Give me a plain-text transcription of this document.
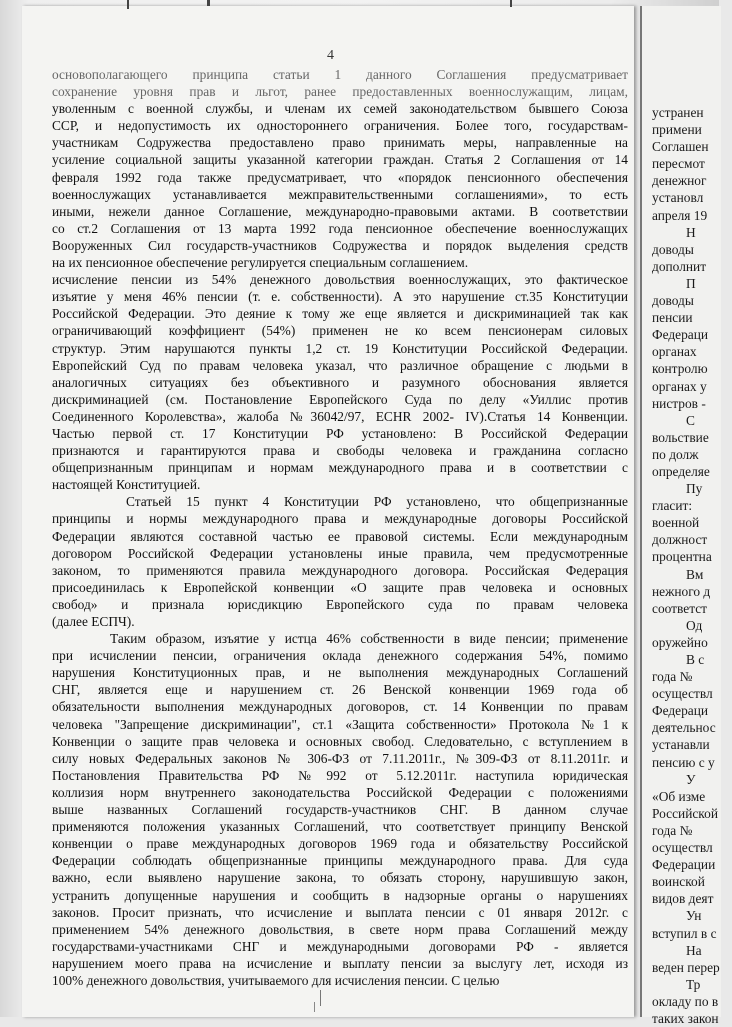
4
основополагающего принципа статьи 1 данного Соглашения предусматривает
сохранение уровня прав и льгот, ранее предоставленных военнослужащим, лицам,
уволенным с военной службы, и членам их семей законодательством бывшего Союза
ССР, и недопустимость их одностороннего ограничения. Более того, государствам-
участникам Содружества предоставлено право принимать меры, направленные на
усиление социальной защиты указанной категории граждан. Статья 2 Соглашения от 14
февраля 1992 года также предусматривает, что «порядок пенсионного обеспечения
военнослужащих устанавливается межправительственными соглашениями», то есть
иными, нежели данное Соглашение, международно-правовыми актами. В соответствии
со ст.2 Соглашения от 13 марта 1992 года пенсионное обеспечение военнослужащих
Вооруженных Сил государств-участников Содружества и порядок выделения средств
на их пенсионное обеспечение регулируется специальным соглашением.
исчисление пенсии из 54% денежного довольствия военнослужащих, это фактическое
изъятие у меня 46% пенсии (т. е. собственности). А это нарушение ст.35 Конституции
Российской Федерации. Это деяние к тому же еще является и дискриминацией так как
ограничивающий коэффициент (54%) применен не ко всем пенсионерам силовых
структур. Этим нарушаются пункты 1,2 ст. 19 Конституции Российской Федерации.
Европейский Суд по правам человека указал, что различное обращение с людьми в
аналогичных ситуациях без объективного и разумного обоснования является
дискриминацией (см. Постановление Европейского Суда по делу «Уиллис против
Соединенного Королевства», жалоба №36042/97, ECHR 2002- IV).Статья 14 Конвенции.
Частью первой ст. 17 Конституции РФ установлено: В Российской Федерации
признаются и гарантируются права и свободы человека и гражданина согласно
общепризнанным принципам и нормам международного права и в соответствии с
настоящей Конституцией.
Статьей 15 пункт 4 Конституции РФ установлено, что общепризнанные
принципы и нормы международного права и международные договоры Российской
Федерации являются составной частью ее правовой системы. Если международным
договором Российской Федерации установлены иные правила, чем предусмотренные
законом, то применяются правила международного договора. Российская Федерация
присоединилась к Европейской конвенции «О защите прав человека и основных
свобод» и признала юрисдикцию Европейского суда по правам человека
(далее ЕСПЧ).
Таким образом, изъятие у истца 46% собственности в виде пенсии; применение
при исчислении пенсии, ограничения оклада денежного содержания 54%, помимо
нарушения Конституционных прав, и не выполнения международных Соглашений
СНГ, является еще и нарушением ст. 26 Венской конвенции 1969 года об
обязательности выполнения международных договоров, ст. 14 Конвенции по правам
человека "Запрещение дискриминации", ст.1 «Защита собственности» Протокола №1 к
Конвенции о защите прав человека и основных свобод. Следовательно, с вступлением в
силу новых Федеральных законов № 306-ФЗ от 7.11.2011г., №309-ФЗ от 8.11.2011г. и
Постановления Правительства РФ №992 от 5.12.2011г. наступила юридическая
коллизия норм внутреннего законодательства Российской Федерации с положениями
выше названных Соглашений государств-участников СНГ. В данном случае
применяются положения указанных Соглашений, что соответствует принципу Венской
конвенции о праве международных договоров 1969 года и обязательству Российской
Федерации соблюдать общепризнанные принципы международного права. Для суда
важно, если выявлено нарушение закона, то обязать сторону, нарушившую закон,
устранить допущенные нарушения и сообщить в надзорные органы о нарушениях
законов. Просит признать, что исчисление и выплата пенсии с 01 января 2012г. с
применением 54% денежного довольствия, в свете норм права Соглашений между
государствами-участниками СНГ и международными договорами РФ - является
нарушением моего права на исчисление и выплату пенсии за выслугу лет, исходя из
100% денежного довольствия, учитываемого для исчисления пенсии. С целью
устранен
примени
Соглашен
пересмот
денежног
установл
апреля 19
Н
доводы
дополнит
П
доводы
пенсии
Федераци
органах
контролю
органах у
нистров -
С
вольствие
по долж
определяе
Пу
гласит:
военной
должност
процентна
Вм
нежного д
соответст
Од
оружейно
В с
года №
осуществл
Федераци
деятельнос
устанавли
пенсию с у
У
«Об изме
Российской
года №
осуществл
Федерации
воинской
видов деят
Ун
вступил в с
На
веден перер
Тр
окладу по в
таких закон
